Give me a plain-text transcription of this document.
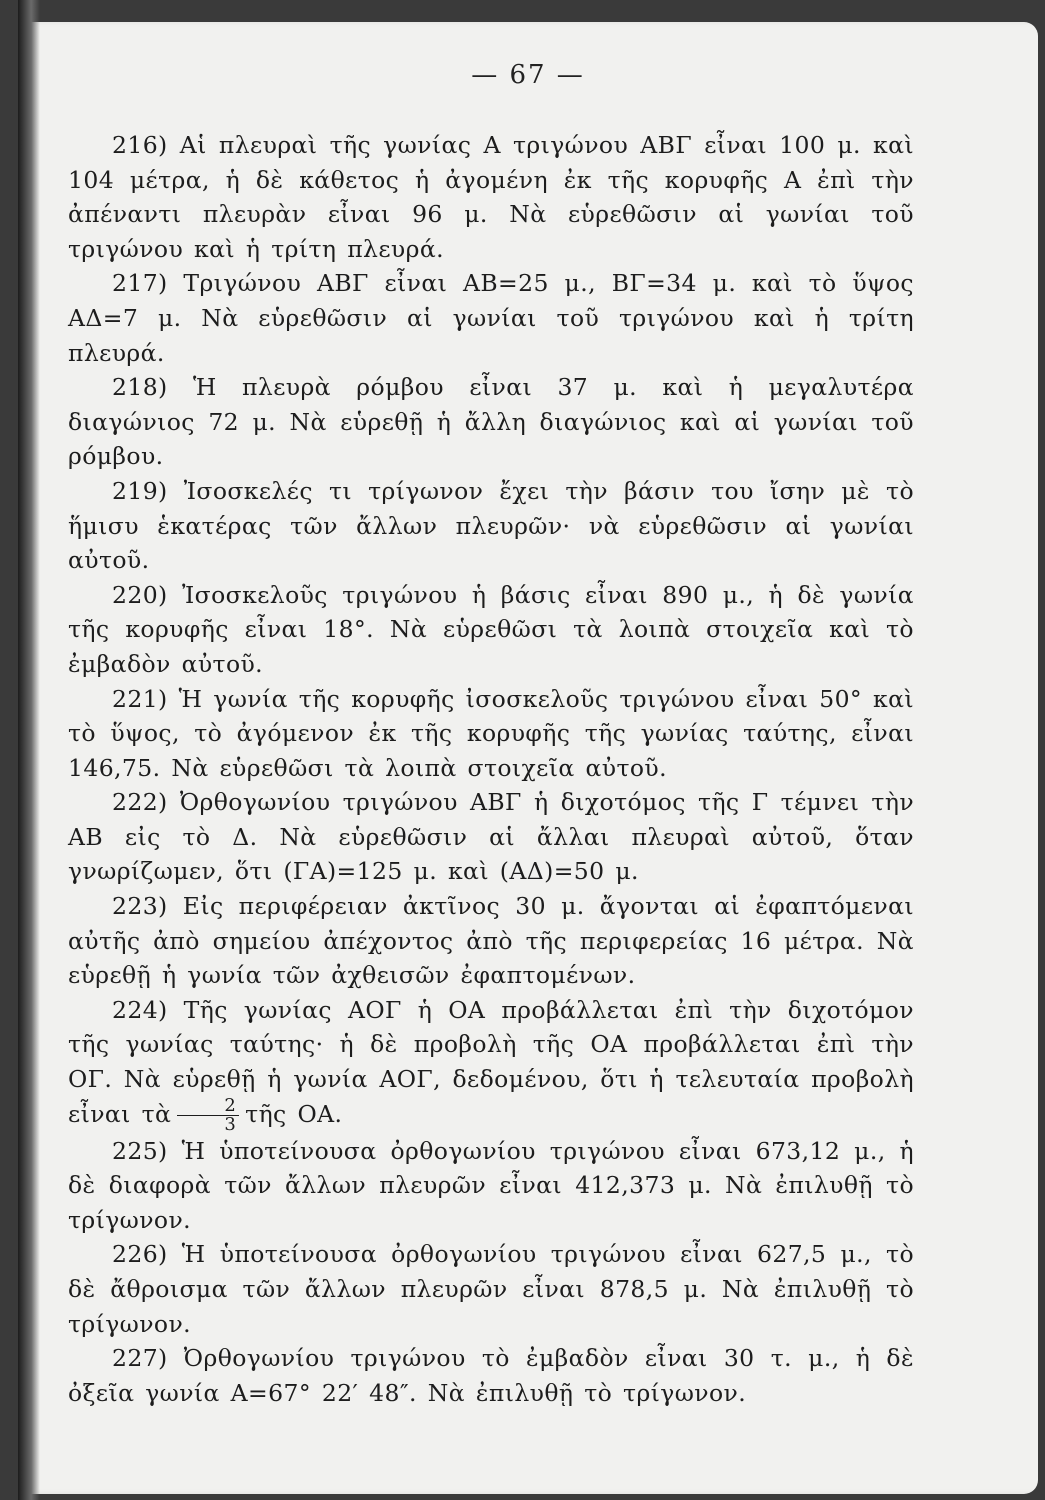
— 67 —

216) Αἱ πλευραὶ τῆς γωνίας Α τριγώνου ΑΒΓ εἶναι 100 μ. καὶ 104 μέτρα, ἡ δὲ κάθετος ἡ ἀγομένη ἐκ τῆς κορυφῆς Α ἐπὶ τὴν ἀπέναντι πλευρὰν εἶναι 96 μ. Νὰ εὑρεθῶσιν αἱ γωνίαι τοῦ τριγώνου καὶ ἡ τρίτη πλευρά.

217) Τριγώνου ΑΒΓ εἶναι ΑΒ=25 μ., ΒΓ=34 μ. καὶ τὸ ὕψος ΑΔ=7 μ. Νὰ εὑρεθῶσιν αἱ γωνίαι τοῦ τριγώνου καὶ ἡ τρίτη πλευρά.

218) Ἡ πλευρὰ ρόμβου εἶναι 37 μ. καὶ ἡ μεγαλυτέρα διαγώνιος 72 μ. Νὰ εὑρεθῇ ἡ ἄλλη διαγώνιος καὶ αἱ γωνίαι τοῦ ρόμβου.

219) Ἰσοσκελές τι τρίγωνον ἔχει τὴν βάσιν του ἴσην μὲ τὸ ἥμισυ ἑκατέρας τῶν ἄλλων πλευρῶν· νὰ εὑρεθῶσιν αἱ γωνίαι αὐτοῦ.

220) Ἰσοσκελοῦς τριγώνου ἡ βάσις εἶναι 890 μ., ἡ δὲ γωνία τῆς κορυφῆς εἶναι 18°. Νὰ εὑρεθῶσι τὰ λοιπὰ στοιχεῖα καὶ τὸ ἐμβαδὸν αὐτοῦ.

221) Ἡ γωνία τῆς κορυφῆς ἰσοσκελοῦς τριγώνου εἶναι 50° καὶ τὸ ὕψος, τὸ ἀγόμενον ἐκ τῆς κορυφῆς τῆς γωνίας ταύτης, εἶναι 146,75. Νὰ εὑρεθῶσι τὰ λοιπὰ στοιχεῖα αὐτοῦ.

222) Ὀρθογωνίου τριγώνου ΑΒΓ ἡ διχοτόμος τῆς Γ τέμνει τὴν ΑΒ εἰς τὸ Δ. Νὰ εὑρεθῶσιν αἱ ἄλλαι πλευραὶ αὐτοῦ, ὅταν γνωρίζωμεν, ὅτι (ΓΑ)=125 μ. καὶ (ΑΔ)=50 μ.

223) Εἰς περιφέρειαν ἀκτῖνος 30 μ. ἄγονται αἱ ἐφαπτόμεναι αὐτῆς ἀπὸ σημείου ἀπέχοντος ἀπὸ τῆς περιφερείας 16 μέτρα. Νὰ εὑρεθῇ ἡ γωνία τῶν ἀχθεισῶν ἐφαπτομένων.

224) Τῆς γωνίας ΑΟΓ ἡ ΟΑ προβάλλεται ἐπὶ τὴν διχοτόμον τῆς γωνίας ταύτης· ἡ δὲ προβολὴ τῆς ΟΑ προβάλλεται ἐπὶ τὴν ΟΓ. Νὰ εὑρεθῇ ἡ γωνία ΑΟΓ, δεδομένου, ὅτι ἡ τελευταία προβολὴ εἶναι τὰ $\frac{2}{3}$ τῆς ΟΑ.

225) Ἡ ὑποτείνουσα ὀρθογωνίου τριγώνου εἶναι 673,12 μ., ἡ δὲ διαφορὰ τῶν ἄλλων πλευρῶν εἶναι 412,373 μ. Νὰ ἐπιλυθῇ τὸ τρίγωνον.

226) Ἡ ὑποτείνουσα ὀρθογωνίου τριγώνου εἶναι 627,5 μ., τὸ δὲ ἄθροισμα τῶν ἄλλων πλευρῶν εἶναι 878,5 μ. Νὰ ἐπιλυθῇ τὸ τρίγωνον.

227) Ὀρθογωνίου τριγώνου τὸ ἐμβαδὸν εἶναι 30 τ. μ., ἡ δὲ ὀξεῖα γωνία Α=67° 22′ 48″. Νὰ ἐπιλυθῇ τὸ τρίγωνον.
